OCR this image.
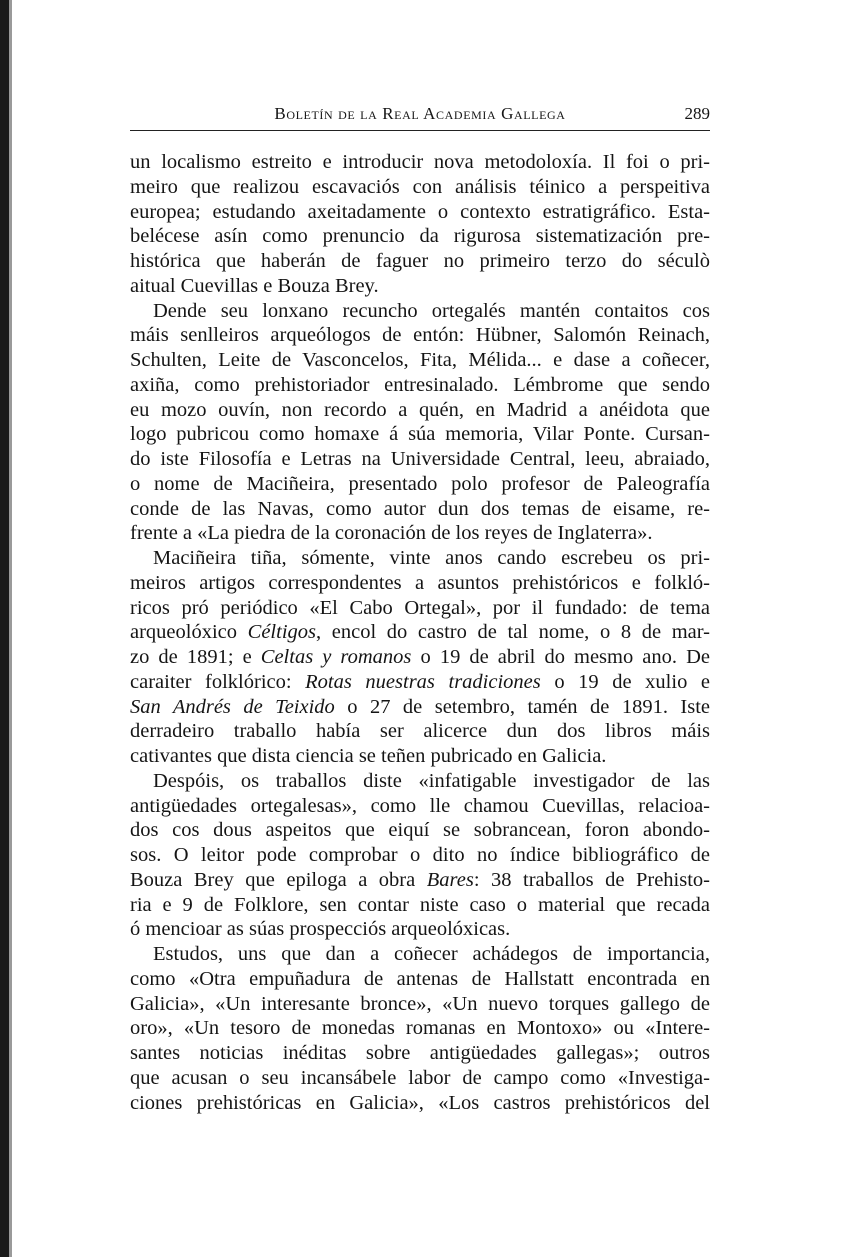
Boletín de la Real Academia Gallega	289
un localismo estreito e introducir nova metodoloxía. Il foi o pri-
meiro que realizou escavaciós con análisis téinico a perspeitiva
europea; estudando axeitadamente o contexto estratigráfico. Esta-
belécese asín como prenuncio da rigurosa sistematización pre-
histórica que haberán de faguer no primeiro terzo do séculò
aitual Cuevillas e Bouza Brey.
Dende seu lonxano recuncho ortegalés mantén contaitos cos
máis senlleiros arqueólogos de entón: Hübner, Salomón Reinach,
Schulten, Leite de Vasconcelos, Fita, Mélida... e dase a coñecer,
axiña, como prehistoriador entresinalado. Lémbrome que sendo
eu mozo ouvín, non recordo a quén, en Madrid a anéidota que
logo pubricou como homaxe á súa memoria, Vilar Ponte. Cursan-
do iste Filosofía e Letras na Universidade Central, leeu, abraiado,
o nome de Maciñeira, presentado polo profesor de Paleografía
conde de las Navas, como autor dun dos temas de eisame, re-
frente a «La piedra de la coronación de los reyes de Inglaterra».
Maciñeira tiña, sómente, vinte anos cando escrebeu os pri-
meiros artigos correspondentes a asuntos prehistóricos e folkló-
ricos pró periódico «El Cabo Ortegal», por il fundado: de tema
arqueolóxico Céltigos, encol do castro de tal nome, o 8 de mar-
zo de 1891; e Celtas y romanos o 19 de abril do mesmo ano. De
caraiter folklórico: Rotas nuestras tradiciones o 19 de xulio e
San Andrés de Teixido o 27 de setembro, tamén de 1891. Iste
derradeiro traballo había ser alicerce dun dos libros máis
cativantes que dista ciencia se teñen pubricado en Galicia.
Despóis, os traballos diste «infatigable investigador de las
antigüedades ortegalesas», como lle chamou Cuevillas, relacioa-
dos cos dous aspeitos que eiquí se sobrancean, foron abondo-
sos. O leitor pode comprobar o dito no índice bibliográfico de
Bouza Brey que epiloga a obra Bares: 38 traballos de Prehisto-
ria e 9 de Folklore, sen contar niste caso o material que recada
ó mencioar as súas prospecciós arqueolóxicas.
Estudos, uns que dan a coñecer achádegos de importancia,
como «Otra empuñadura de antenas de Hallstatt encontrada en
Galicia», «Un interesante bronce», «Un nuevo torques gallego de
oro», «Un tesoro de monedas romanas en Montoxo» ou «Intere-
santes noticias inéditas sobre antigüedades gallegas»; outros
que acusan o seu incansábele labor de campo como «Investiga-
ciones prehistóricas en Galicia», «Los castros prehistóricos del
